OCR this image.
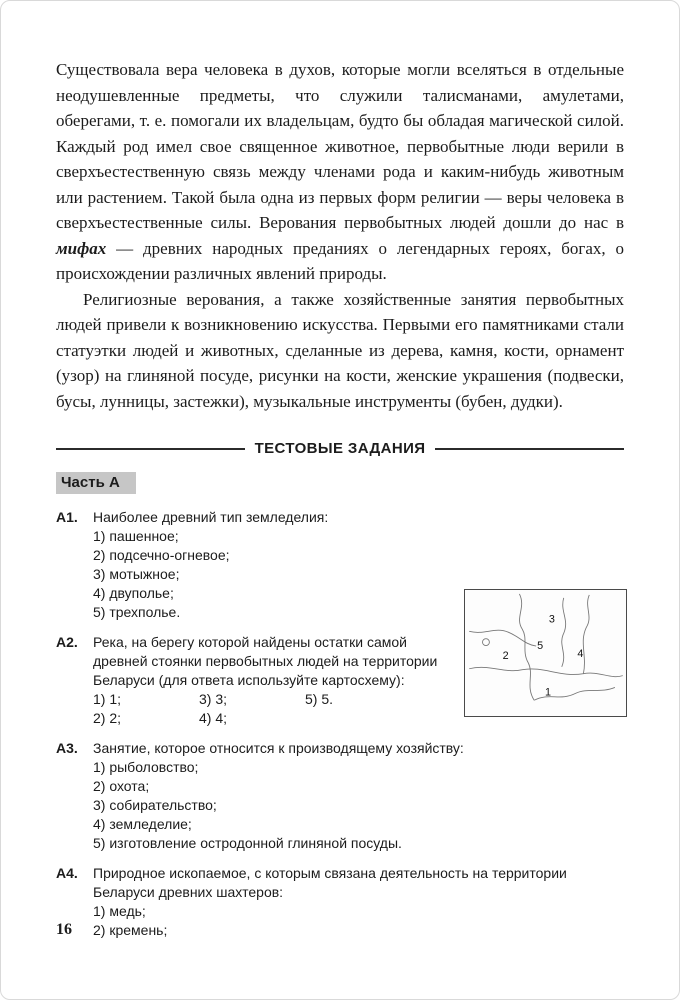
Существовала вера человека в духов, которые могли вселяться в отдельные неодушевленные предметы, что служили талисманами, амулетами, оберегами, т. е. помогали их владельцам, будто бы обладая магической силой. Каждый род имел свое священное животное, первобытные люди верили в сверхъестественную связь между членами рода и каким-нибудь животным или растением. Такой была одна из первых форм религии — веры человека в сверхъестественные силы. Верования первобытных людей дошли до нас в мифах — древних народных преданиях о легендарных героях, богах, о происхождении различных явлений природы.

Религиозные верования, а также хозяйственные занятия первобытных людей привели к возникновению искусства. Первыми его памятниками стали статуэтки людей и животных, сделанные из дерева, камня, кости, орнамент (узор) на глиняной посуде, рисунки на кости, женские украшения (подвески, бусы, лунницы, застежки), музыкальные инструменты (бубен, дудки).

ТЕСТОВЫЕ ЗАДАНИЯ
Часть А
А1.	Наиболее древний тип земледелия:
1) пашенное;
2) подсечно-огневое;
3) мотыжное;
4) двуполье;
5) трехполье.
А2.	Река, на берегу которой найдены остатки самой древней стоянки первобытных людей на территории Беларуси (для ответа используйте картосхему):
1) 1;
2) 2;
3) 3;
4) 4;
5) 5.
А3.	Занятие, которое относится к производящему хозяйству:
1) рыболовство;
2) охота;
3) собирательство;
4) земледелие;
5) изготовление остродонной глиняной посуды.
А4.	Природное ископаемое, с которым связана деятельность на территории Беларуси древних шахтеров:
1) медь;
2) кремень;
1
2
3
4
5
16
